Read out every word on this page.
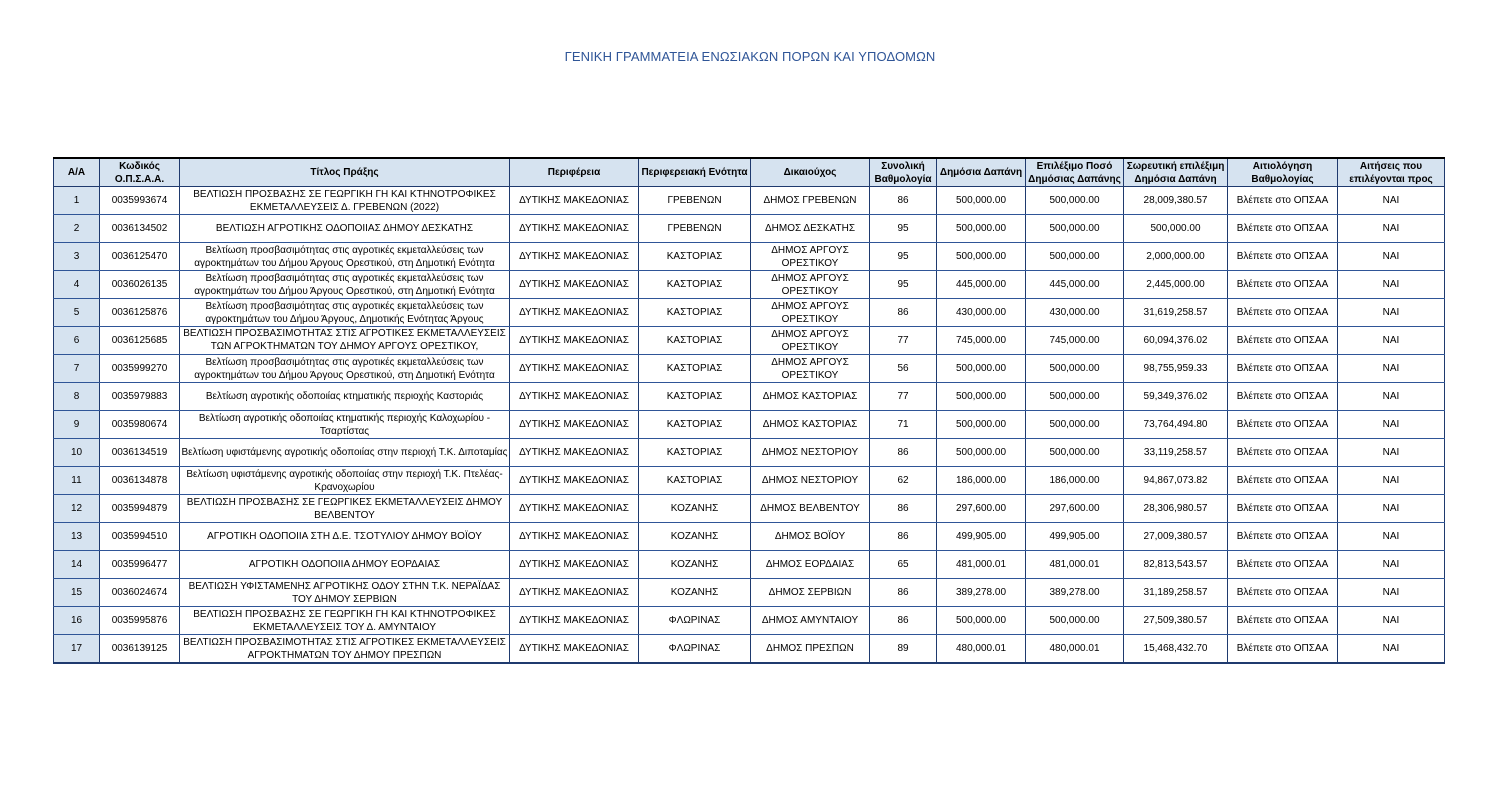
ΓΕΝΙΚΗ ΓΡΑΜΜΑΤΕΙΑ ΕΝΩΣΙΑΚΩΝ ΠΟΡΩΝ ΚΑΙ ΥΠΟΔΟΜΩΝ
Α/Α	Κωδικός Ο.Π.Σ.Α.Α.	Τίτλος Πράξης	Περιφέρεια	Περιφερειακή Ενότητα	Δικαιούχος	Συνολική Βαθμολογία	Δημόσια Δαπάνη	Επιλέξιμο Ποσό Δημόσιας Δαπάνης	Σωρευτική επιλέξιμη Δημόσια Δαπάνη	Αιτιολόγηση Βαθμολογίας	Αιτήσεις που επιλέγονται προς

1	0035993674	ΒΕΛΤΙΩΣΗ ΠΡΟΣΒΑΣΗΣ ΣΕ ΓΕΩΡΓΙΚΗ ΓΗ ΚΑΙ ΚΤΗΝΟΤΡΟΦΙΚΕΣ ΕΚΜΕΤΑΛΛΕΥΣΕΙΣ Δ. ΓΡΕΒΕΝΩΝ (2022)	ΔΥΤΙΚΗΣ ΜΑΚΕΔΟΝΙΑΣ	ΓΡΕΒΕΝΩΝ	ΔΗΜΟΣ ΓΡΕΒΕΝΩΝ	86	500,000.00	500,000.00	28,009,380.57	Βλέπετε στο ΟΠΣΑΑ	ΝΑΙ

2	0036134502	ΒΕΛΤΙΩΣΗ ΑΓΡΟΤΙΚΗΣ ΟΔΟΠΟΙΙΑΣ ΔΗΜΟΥ ΔΕΣΚΑΤΗΣ	ΔΥΤΙΚΗΣ ΜΑΚΕΔΟΝΙΑΣ	ΓΡΕΒΕΝΩΝ	ΔΗΜΟΣ ΔΕΣΚΑΤΗΣ	95	500,000.00	500,000.00	500,000.00	Βλέπετε στο ΟΠΣΑΑ	ΝΑΙ

3	0036125470	Βελτίωση προσβασιμότητας στις αγροτικές εκμεταλλεύσεις των αγροκτημάτων του Δήμου Άργους Ορεστικού, στη Δημοτική Ενότητα	ΔΥΤΙΚΗΣ ΜΑΚΕΔΟΝΙΑΣ	ΚΑΣΤΟΡΙΑΣ	ΔΗΜΟΣ ΑΡΓΟΥΣ ΟΡΕΣΤΙΚΟΥ	95	500,000.00	500,000.00	2,000,000.00	Βλέπετε στο ΟΠΣΑΑ	ΝΑΙ

4	0036026135	Βελτίωση προσβασιμότητας στις αγροτικές εκμεταλλεύσεις των αγροκτημάτων του Δήμου Άργους Ορεστικού, στη Δημοτική Ενότητα	ΔΥΤΙΚΗΣ ΜΑΚΕΔΟΝΙΑΣ	ΚΑΣΤΟΡΙΑΣ	ΔΗΜΟΣ ΑΡΓΟΥΣ ΟΡΕΣΤΙΚΟΥ	95	445,000.00	445,000.00	2,445,000.00	Βλέπετε στο ΟΠΣΑΑ	ΝΑΙ

5	0036125876	Βελτίωση προσβασιμότητας στις αγροτικές εκμεταλλεύσεις των αγροκτημάτων του Δήμου Άργους, Δημοτικής Ενότητας Άργους	ΔΥΤΙΚΗΣ ΜΑΚΕΔΟΝΙΑΣ	ΚΑΣΤΟΡΙΑΣ	ΔΗΜΟΣ ΑΡΓΟΥΣ ΟΡΕΣΤΙΚΟΥ	86	430,000.00	430,000.00	31,619,258.57	Βλέπετε στο ΟΠΣΑΑ	ΝΑΙ

6	0036125685	ΒΕΛΤΙΩΣΗ ΠΡΟΣΒΑΣΙΜΟΤΗΤΑΣ ΣΤΙΣ ΑΓΡΟΤΙΚΕΣ ΕΚΜΕΤΑΛΛΕΥΣΕΙΣ ΤΩΝ ΑΓΡΟΚΤΗΜΑΤΩΝ ΤΟΥ ΔΗΜΟΥ ΑΡΓΟΥΣ ΟΡΕΣΤΙΚΟΥ,	ΔΥΤΙΚΗΣ ΜΑΚΕΔΟΝΙΑΣ	ΚΑΣΤΟΡΙΑΣ	ΔΗΜΟΣ ΑΡΓΟΥΣ ΟΡΕΣΤΙΚΟΥ	77	745,000.00	745,000.00	60,094,376.02	Βλέπετε στο ΟΠΣΑΑ	ΝΑΙ

7	0035999270	Βελτίωση προσβασιμότητας στις αγροτικές εκμεταλλεύσεις των αγροκτημάτων του Δήμου Άργους Ορεστικού, στη Δημοτική Ενότητα	ΔΥΤΙΚΗΣ ΜΑΚΕΔΟΝΙΑΣ	ΚΑΣΤΟΡΙΑΣ	ΔΗΜΟΣ ΑΡΓΟΥΣ ΟΡΕΣΤΙΚΟΥ	56	500,000.00	500,000.00	98,755,959.33	Βλέπετε στο ΟΠΣΑΑ	ΝΑΙ

8	0035979883	Βελτίωση αγροτικής οδοποιίας κτηματικής περιοχής Καστοριάς	ΔΥΤΙΚΗΣ ΜΑΚΕΔΟΝΙΑΣ	ΚΑΣΤΟΡΙΑΣ	ΔΗΜΟΣ ΚΑΣΤΟΡΙΑΣ	77	500,000.00	500,000.00	59,349,376.02	Βλέπετε στο ΟΠΣΑΑ	ΝΑΙ

9	0035980674	Βελτίωση αγροτικής οδοποιίας κτηματικής περιοχής Καλοχωρίου - Τσαρτίστας	ΔΥΤΙΚΗΣ ΜΑΚΕΔΟΝΙΑΣ	ΚΑΣΤΟΡΙΑΣ	ΔΗΜΟΣ ΚΑΣΤΟΡΙΑΣ	71	500,000.00	500,000.00	73,764,494.80	Βλέπετε στο ΟΠΣΑΑ	ΝΑΙ

10	0036134519	Βελτίωση υφιστάμενης αγροτικής οδοποιίας στην περιοχή Τ.Κ. Διποταμίας	ΔΥΤΙΚΗΣ ΜΑΚΕΔΟΝΙΑΣ	ΚΑΣΤΟΡΙΑΣ	ΔΗΜΟΣ ΝΕΣΤΟΡΙΟΥ	86	500,000.00	500,000.00	33,119,258.57	Βλέπετε στο ΟΠΣΑΑ	ΝΑΙ

11	0036134878	Βελτίωση υφιστάμενης αγροτικής οδοποιίας στην περιοχή Τ.Κ. Πτελέας-Κρανοχωρίου	ΔΥΤΙΚΗΣ ΜΑΚΕΔΟΝΙΑΣ	ΚΑΣΤΟΡΙΑΣ	ΔΗΜΟΣ ΝΕΣΤΟΡΙΟΥ	62	186,000.00	186,000.00	94,867,073.82	Βλέπετε στο ΟΠΣΑΑ	ΝΑΙ

12	0035994879	ΒΕΛΤΙΩΣΗ ΠΡΟΣΒΑΣΗΣ ΣΕ ΓΕΩΡΓΙΚΕΣ ΕΚΜΕΤΑΛΛΕΥΣΕΙΣ ΔΗΜΟΥ ΒΕΛΒΕΝΤΟΥ	ΔΥΤΙΚΗΣ ΜΑΚΕΔΟΝΙΑΣ	ΚΟΖΑΝΗΣ	ΔΗΜΟΣ ΒΕΛΒΕΝΤΟΥ	86	297,600.00	297,600.00	28,306,980.57	Βλέπετε στο ΟΠΣΑΑ	ΝΑΙ

13	0035994510	ΑΓΡΟΤΙΚΗ ΟΔΟΠΟΙΙΑ ΣΤΗ Δ.Ε. ΤΣΟΤΥΛΙΟΥ ΔΗΜΟΥ ΒΟΪΟΥ	ΔΥΤΙΚΗΣ ΜΑΚΕΔΟΝΙΑΣ	ΚΟΖΑΝΗΣ	ΔΗΜΟΣ ΒΟΪΟΥ	86	499,905.00	499,905.00	27,009,380.57	Βλέπετε στο ΟΠΣΑΑ	ΝΑΙ

14	0035996477	ΑΓΡΟΤΙΚΗ ΟΔΟΠΟΙΙΑ ΔΗΜΟΥ ΕΟΡΔΑΙΑΣ	ΔΥΤΙΚΗΣ ΜΑΚΕΔΟΝΙΑΣ	ΚΟΖΑΝΗΣ	ΔΗΜΟΣ ΕΟΡΔΑΙΑΣ	65	481,000.01	481,000.01	82,813,543.57	Βλέπετε στο ΟΠΣΑΑ	ΝΑΙ

15	0036024674	ΒΕΛΤΙΩΣΗ ΥΦΙΣΤΑΜΕΝΗΣ ΑΓΡΟΤΙΚΗΣ ΟΔΟΥ ΣΤΗΝ Τ.Κ. ΝΕΡΑΪΔΑΣ ΤΟΥ ΔΗΜΟΥ ΣΕΡΒΙΩΝ	ΔΥΤΙΚΗΣ ΜΑΚΕΔΟΝΙΑΣ	ΚΟΖΑΝΗΣ	ΔΗΜΟΣ ΣΕΡΒΙΩΝ	86	389,278.00	389,278.00	31,189,258.57	Βλέπετε στο ΟΠΣΑΑ	ΝΑΙ

16	0035995876	ΒΕΛΤΙΩΣΗ ΠΡΟΣΒΑΣΗΣ ΣΕ ΓΕΩΡΓΙΚΗ ΓΗ ΚΑΙ ΚΤΗΝΟΤΡΟΦΙΚΕΣ ΕΚΜΕΤΑΛΛΕΥΣΕΙΣ ΤΟΥ Δ. ΑΜΥΝΤΑΙΟΥ	ΔΥΤΙΚΗΣ ΜΑΚΕΔΟΝΙΑΣ	ΦΛΩΡΙΝΑΣ	ΔΗΜΟΣ ΑΜΥΝΤΑΙΟΥ	86	500,000.00	500,000.00	27,509,380.57	Βλέπετε στο ΟΠΣΑΑ	ΝΑΙ

17	0036139125	ΒΕΛΤΙΩΣΗ ΠΡΟΣΒΑΣΙΜΟΤΗΤΑΣ ΣΤΙΣ ΑΓΡΟΤΙΚΕΣ ΕΚΜΕΤΑΛΛΕΥΣΕΙΣ ΑΓΡΟΚΤΗΜΑΤΩΝ ΤΟΥ ΔΗΜΟΥ ΠΡΕΣΠΩΝ	ΔΥΤΙΚΗΣ ΜΑΚΕΔΟΝΙΑΣ	ΦΛΩΡΙΝΑΣ	ΔΗΜΟΣ ΠΡΕΣΠΩΝ	89	480,000.01	480,000.01	15,468,432.70	Βλέπετε στο ΟΠΣΑΑ	ΝΑΙ
